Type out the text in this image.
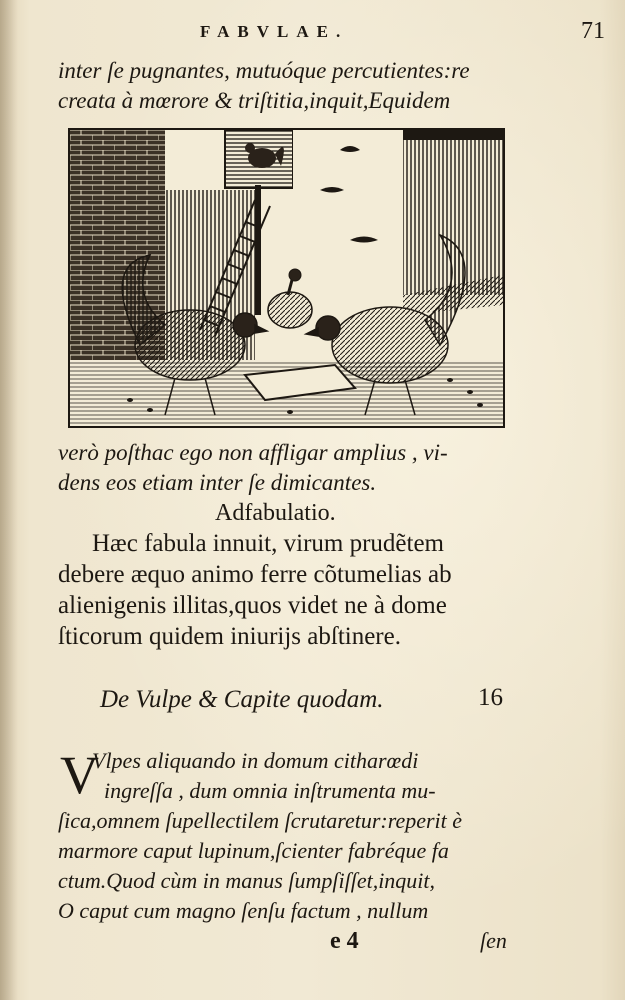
FABVLAE.	71
inter ſe pugnantes, mutuóque percutientes:re
creata à mœrore & triſtitia,inquit,Equidem
verò poſthac ego non affligar amplius , vi-
dens eos etiam inter ſe dimicantes.
Adfabulatio.
Hæc fabula innuit, virum prudẽtem
debere æquo animo ferre cõtumelias ab
alienigenis illitas,quos videt ne à dome
ſticorum quidem iniurijs abſtinere.
De Vulpe & Capite quodam.	16
V
Vlpes aliquando in domum citharœdi
ingreſſa , dum omnia inſtrumenta mu-
ſica,omnem ſupellectilem ſcrutaretur:reperit è
marmore caput lupinum,ſcienter fabréque fa
ctum.Quod cùm in manus ſumpſiſſet,inquit,
O caput cum magno ſenſu factum , nullum
e 4	ſen
